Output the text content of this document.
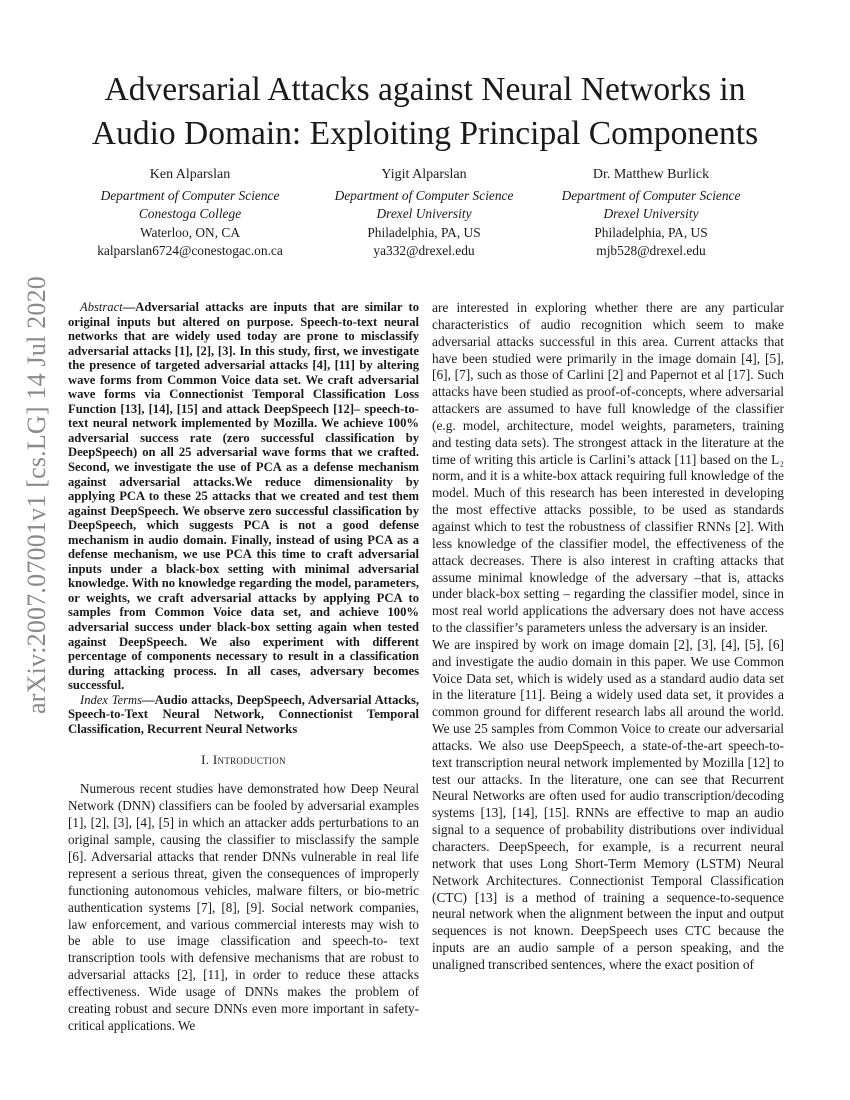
Adversarial Attacks against Neural Networks in Audio Domain: Exploiting Principal Components
Ken Alparslan
Department of Computer Science
Conestoga College
Waterloo, ON, CA
kalparslan6724@conestogac.on.ca
Yigit Alparslan
Department of Computer Science
Drexel University
Philadelphia, PA, US
ya332@drexel.edu
Dr. Matthew Burlick
Department of Computer Science
Drexel University
Philadelphia, PA, US
mjb528@drexel.edu
arXiv:2007.07001v1 [cs.LG] 14 Jul 2020	Abstract—Adversarial attacks are inputs that are similar to original inputs but altered on purpose. Speech-to-text neural networks that are widely used today are prone to misclassify adversarial attacks [1], [2], [3]. In this study, first, we investigate the presence of targeted adversarial attacks [4], [11] by altering wave forms from Common Voice data set. We craft adversarial wave forms via Connectionist Temporal Classification Loss Function [13], [14], [15] and attack DeepSpeech [12]– speech-to-text neural network implemented by Mozilla. We achieve 100% adversarial success rate (zero successful classification by DeepSpeech) on all 25 adversarial wave forms that we crafted. Second, we investigate the use of PCA as a defense mechanism against adversarial attacks.We reduce dimensionality by applying PCA to these 25 attacks that we created and test them against DeepSpeech. We observe zero successful classification by DeepSpeech, which suggests PCA is not a good defense mechanism in audio domain. Finally, instead of using PCA as a defense mechanism, we use PCA this time to craft adversarial inputs under a black-box setting with minimal adversarial knowledge. With no knowledge regarding the model, parameters, or weights, we craft adversarial attacks by applying PCA to samples from Common Voice data set, and achieve 100% adversarial success under black-box setting again when tested against DeepSpeech. We also experiment with different percentage of components necessary to result in a classification during attacking process. In all cases, adversary becomes successful.

Index Terms—Audio attacks, DeepSpeech, Adversarial Attacks, Speech-to-Text Neural Network, Connectionist Temporal Classification, Recurrent Neural Networks

I. Introduction

Numerous recent studies have demonstrated how Deep Neural Network (DNN) classifiers can be fooled by adversarial examples [1], [2], [3], [4], [5] in which an attacker adds perturbations to an original sample, causing the classifier to misclassify the sample [6]. Adversarial attacks that render DNNs vulnerable in real life represent a serious threat, given the consequences of improperly functioning autonomous vehicles, malware filters, or bio-metric authentication systems [7], [8], [9]. Social network companies, law enforcement, and various commercial interests may wish to be able to use image classification and speech-to- text transcription tools with defensive mechanisms that are robust to adversarial attacks [2], [11], in order to reduce these attacks effectiveness. Wide usage of DNNs makes the problem of creating robust and secure DNNs even more important in safety-critical applications. We

are interested in exploring whether there are any particular characteristics of audio recognition which seem to make adversarial attacks successful in this area. Current attacks that have been studied were primarily in the image domain [4], [5], [6], [7], such as those of Carlini [2] and Papernot et al [17]. Such attacks have been studied as proof-of-concepts, where adversarial attackers are assumed to have full knowledge of the classifier (e.g. model, architecture, model weights, parameters, training and testing data sets). The strongest attack in the literature at the time of writing this article is Carlini’s attack [11] based on the L₂ norm, and it is a white-box attack requiring full knowledge of the model. Much of this research has been interested in developing the most effective attacks possible, to be used as standards against which to test the robustness of classifier RNNs [2]. With less knowledge of the classifier model, the effectiveness of the attack decreases. There is also interest in crafting attacks that assume minimal knowledge of the adversary –that is, attacks under black-box setting – regarding the classifier model, since in most real world applications the adversary does not have access to the classifier’s parameters unless the adversary is an insider.

We are inspired by work on image domain [2], [3], [4], [5], [6] and investigate the audio domain in this paper. We use Common Voice Data set, which is widely used as a standard audio data set in the literature [11]. Being a widely used data set, it provides a common ground for different research labs all around the world. We use 25 samples from Common Voice to create our adversarial attacks. We also use DeepSpeech, a state-of-the-art speech-to-text transcription neural network implemented by Mozilla [12] to test our attacks. In the literature, one can see that Recurrent Neural Networks are often used for audio transcription/decoding systems [13], [14], [15]. RNNs are effective to map an audio signal to a sequence of probability distributions over individual characters. DeepSpeech, for example, is a recurrent neural network that uses Long Short-Term Memory (LSTM) Neural Network Architectures. Connectionist Temporal Classification (CTC) [13] is a method of training a sequence-to-sequence neural network when the alignment between the input and output sequences is not known. DeepSpeech uses CTC because the inputs are an audio sample of a person speaking, and the unaligned transcribed sentences, where the exact position of
